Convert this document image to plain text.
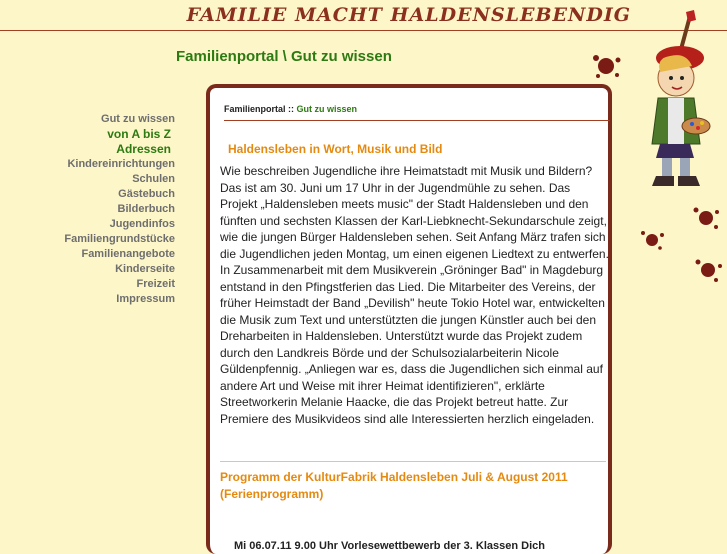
FAMILIE MACHT HALDENSLEBENDIG
Familienportal \ Gut zu wissen
Gut zu wissen
von A bis Z
Adressen
Kindereinrichtungen
Schulen
Gästebuch
Bilderbuch
Jugendinfos
Familiengrundstücke
Familienangebote
Kinderseite
Freizeit
Impressum
Familienportal :: Gut zu wissen
Haldensleben in Wort, Musik und Bild
Wie beschreiben Jugendliche ihre Heimatstadt mit Musik und Bildern? Das ist am 30. Juni um 17 Uhr in der Jugendmühle zu sehen. Das Projekt „Haldensleben meets music" der Stadt Haldensleben und den fünften und sechsten Klassen der Karl-Liebknecht-Sekundarschule zeigt, wie die jungen Bürger Haldensleben sehen. Seit Anfang März trafen sich die Jugendlichen jeden Montag, um einen eigenen Liedtext zu entwerfen. In Zusammenarbeit mit dem Musikverein „Gröninger Bad" in Magdeburg entstand in den Pfingstferien das Lied. Die Mitarbeiter des Vereins, der früher Heimstadt der Band „Devilish" heute Tokio Hotel war, entwickelten die Musik zum Text und unterstützten die jungen Künstler auch bei den Dreharbeiten in Haldensleben. Unterstützt wurde das Projekt zudem durch den Landkreis Börde und der Schulsozialarbeiterin Nicole Güldenpfennig. „Anliegen war es, dass die Jugendlichen sich einmal auf andere Art und Weise mit ihrer Heimat identifizieren", erklärte Streetworkerin Melanie Haacke, die das Projekt betreut hatte. Zur Premiere des Musikvideos sind alle Interessierten herzlich eingeladen.
Programm der KulturFabrik Haldensleben Juli & August 2011 (Ferienprogramm)
Mi 06.07.11 9.00 Uhr Vorlesewettbewerb der 3. Klassen Dich
